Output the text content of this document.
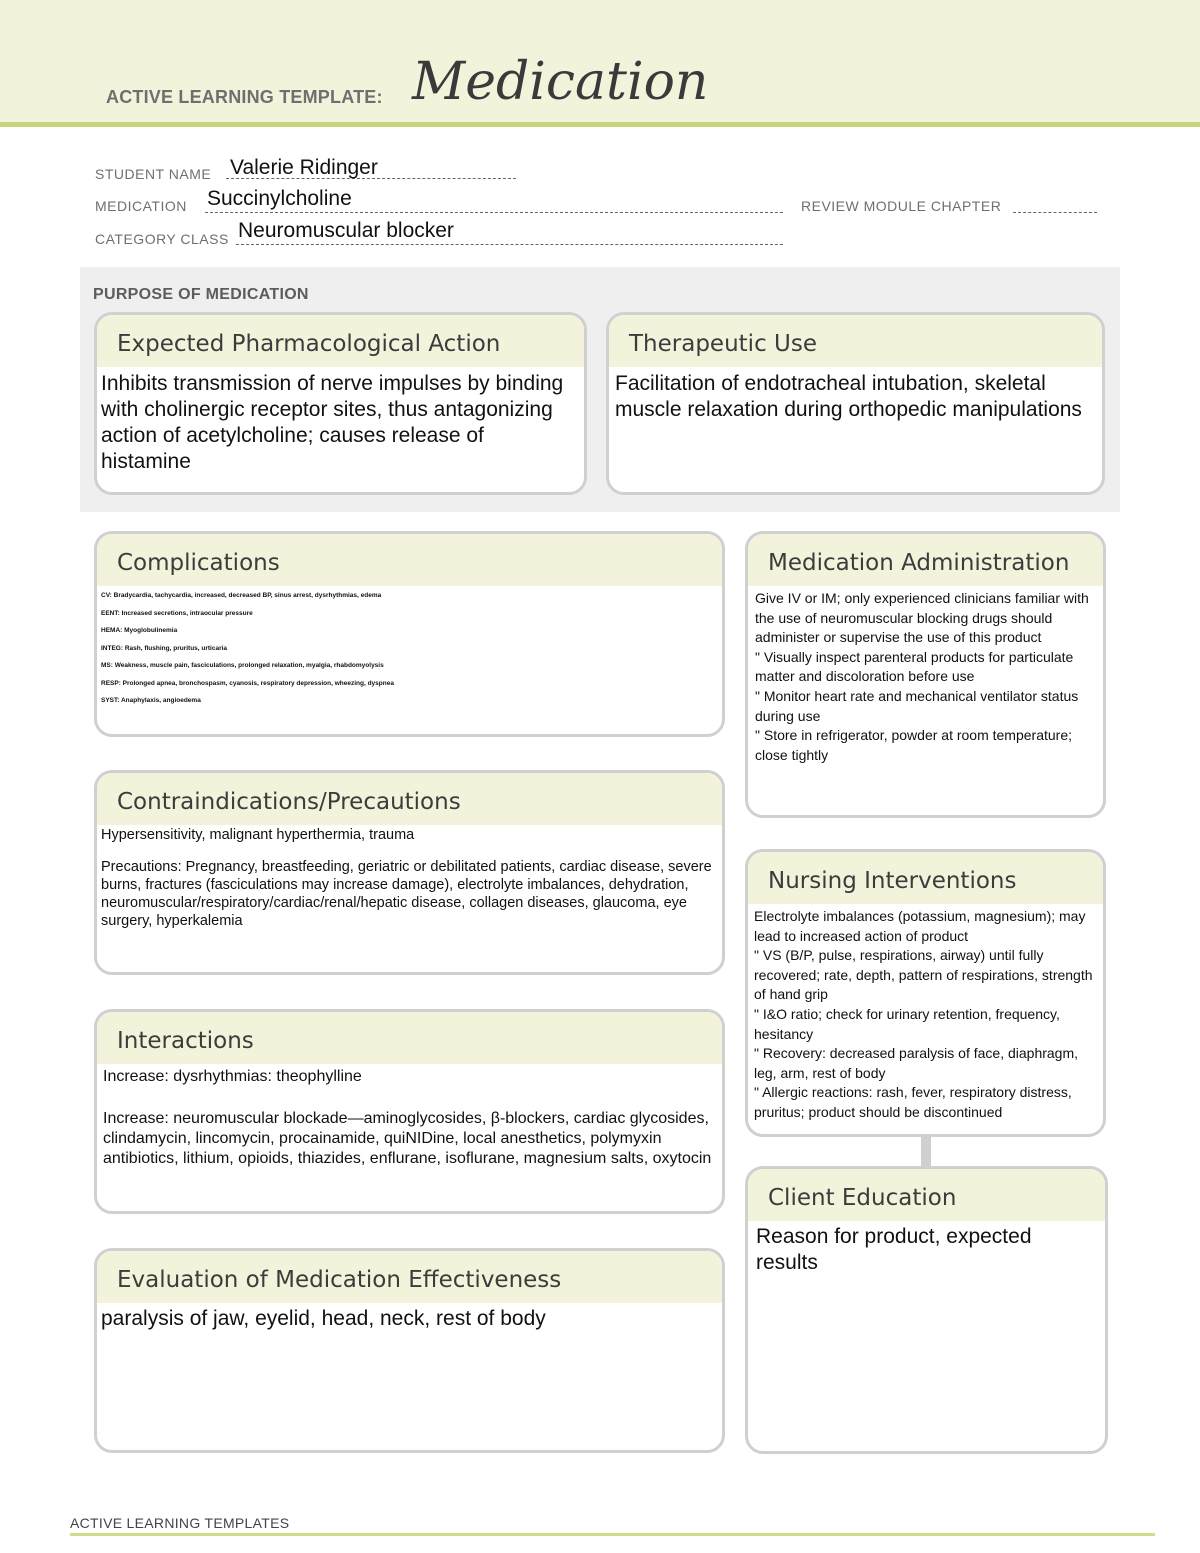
ACTIVE LEARNING TEMPLATE: Medication
STUDENT NAME Valerie Ridinger
MEDICATION Succinylcholine	REVIEW MODULE CHAPTER
CATEGORY CLASS Neuromuscular blocker
PURPOSE OF MEDICATION
Expected Pharmacological Action
Inhibits transmission of nerve impulses by binding with cholinergic receptor sites, thus antagonizing action of acetylcholine; causes release of histamine
Therapeutic Use
Facilitation of endotracheal intubation, skeletal muscle relaxation during orthopedic manipulations
Complications
CV: Bradycardia, tachycardia, increased, decreased BP, sinus arrest, dysrhythmias, edema
EENT: Increased secretions, intraocular pressure
HEMA: Myoglobulinemia
INTEG: Rash, flushing, pruritus, urticaria
MS: Weakness, muscle pain, fasciculations, prolonged relaxation, myalgia, rhabdomyolysis
RESP: Prolonged apnea, bronchospasm, cyanosis, respiratory depression, wheezing, dyspnea
SYST: Anaphylaxis, angioedema
Medication Administration
Give IV or IM; only experienced clinicians familiar with the use of neuromuscular blocking drugs should administer or supervise the use of this product
" Visually inspect parenteral products for particulate matter and discoloration before use
" Monitor heart rate and mechanical ventilator status during use
" Store in refrigerator, powder at room temperature; close tightly
Contraindications/Precautions
Hypersensitivity, malignant hyperthermia, trauma
Precautions: Pregnancy, breastfeeding, geriatric or debilitated patients, cardiac disease, severe burns, fractures (fasciculations may increase damage), electrolyte imbalances, dehydration, neuromuscular/respiratory/cardiac/renal/hepatic disease, collagen diseases, glaucoma, eye surgery, hyperkalemia
Nursing Interventions
Electrolyte imbalances (potassium, magnesium); may lead to increased action of product
" VS (B/P, pulse, respirations, airway) until fully recovered; rate, depth, pattern of respirations, strength of hand grip
" I&O ratio; check for urinary retention, frequency, hesitancy
" Recovery: decreased paralysis of face, diaphragm, leg, arm, rest of body
" Allergic reactions: rash, fever, respiratory distress, pruritus; product should be discontinued
Interactions
Increase: dysrhythmias: theophylline
Increase: neuromuscular blockade—aminoglycosides, β-blockers, cardiac glycosides, clindamycin, lincomycin, procainamide, quiNIDine, local anesthetics, polymyxin antibiotics, lithium, opioids, thiazides, enflurane, isoflurane, magnesium salts, oxytocin
Client Education
Reason for product, expected results
Evaluation of Medication Effectiveness
paralysis of jaw, eyelid, head, neck, rest of body
ACTIVE LEARNING TEMPLATES
